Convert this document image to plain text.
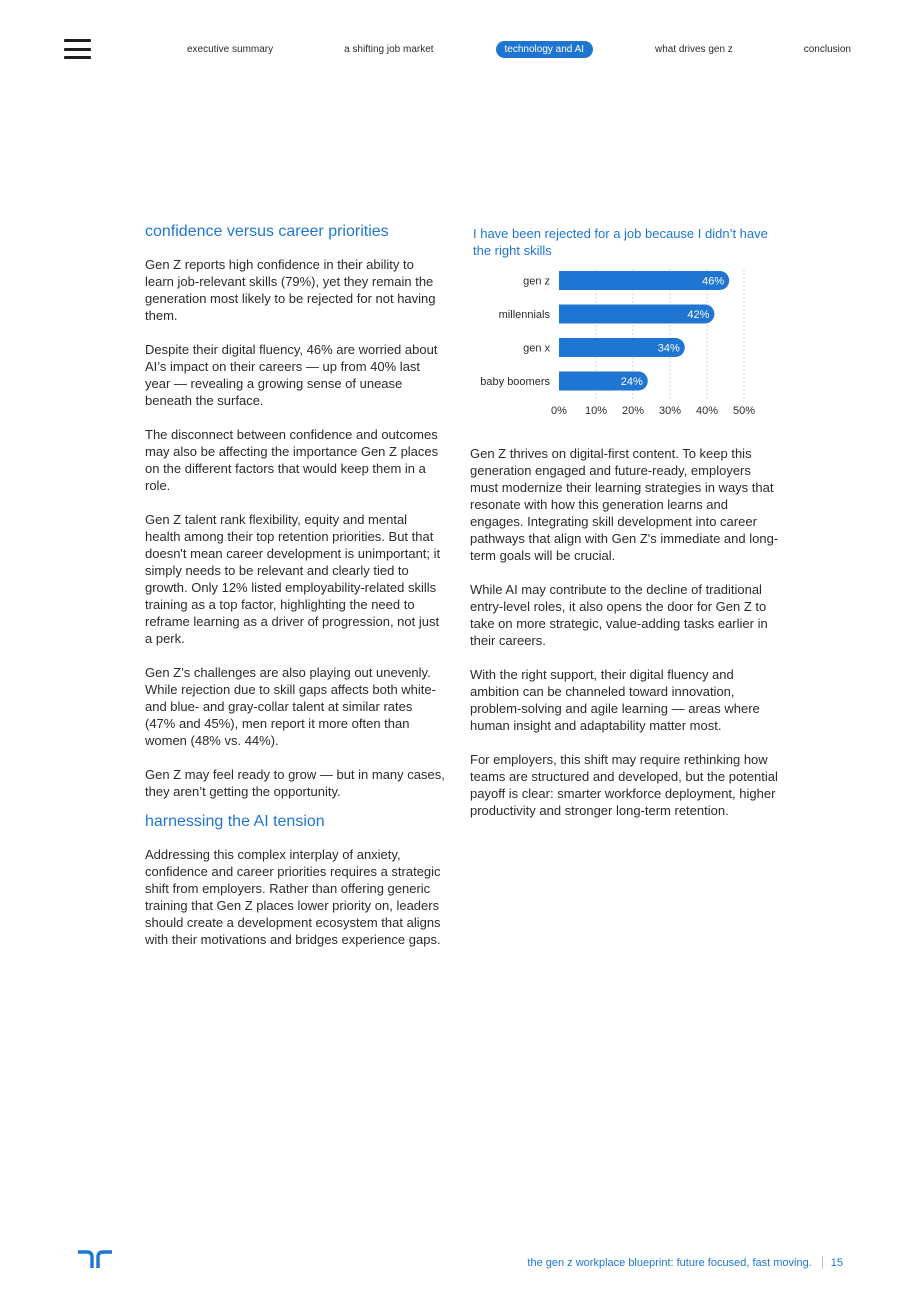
executive summary	a shifting job market	technology and AI	what drives gen z	conclusion
confidence versus career priorities

Gen Z reports high confidence in their ability to learn job-relevant skills (79%), yet they remain the generation most likely to be rejected for not having them.

Despite their digital fluency, 46% are worried about AI’s impact on their careers — up from 40% last year — revealing a growing sense of unease beneath the surface.

The disconnect between confidence and outcomes may also be affecting the importance Gen Z places on the different factors that would keep them in a role.

Gen Z talent rank flexibility, equity and mental health among their top retention priorities. But that doesn't mean career development is unimportant; it simply needs to be relevant and clearly tied to growth. Only 12% listed employability-related skills training as a top factor, highlighting the need to reframe learning as a driver of progression, not just a perk.

Gen Z’s challenges are also playing out unevenly. While rejection due to skill gaps affects both white- and blue- and gray-collar talent at similar rates (47% and 45%), men report it more often than women (48% vs. 44%).

Gen Z may feel ready to grow — but in many cases, they aren’t getting the opportunity.

harnessing the AI tension

Addressing this complex interplay of anxiety, confidence and career priorities requires a strategic shift from employers. Rather than offering generic training that Gen Z places lower priority on, leaders should create a development ecosystem that aligns with their motivations and bridges experience gaps.

I have been rejected for a job because I didn’t have the right skills

gen z	46%
millennials	42%
gen x	34%
baby boomers	24%
0% 10% 20% 30% 40% 50%

Gen Z thrives on digital-first content. To keep this generation engaged and future-ready, employers must modernize their learning strategies in ways that resonate with how this generation learns and engages. Integrating skill development into career pathways that align with Gen Z's immediate and long-term goals will be crucial.

While AI may contribute to the decline of traditional entry-level roles, it also opens the door for Gen Z to take on more strategic, value-adding tasks earlier in their careers.

With the right support, their digital fluency and ambition can be channeled toward innovation, problem-solving and agile learning — areas where human insight and adaptability matter most.

For employers, this shift may require rethinking how teams are structured and developed, but the potential payoff is clear: smarter workforce deployment, higher productivity and stronger long-term retention.

the gen z workplace blueprint: future focused, fast moving. 15
